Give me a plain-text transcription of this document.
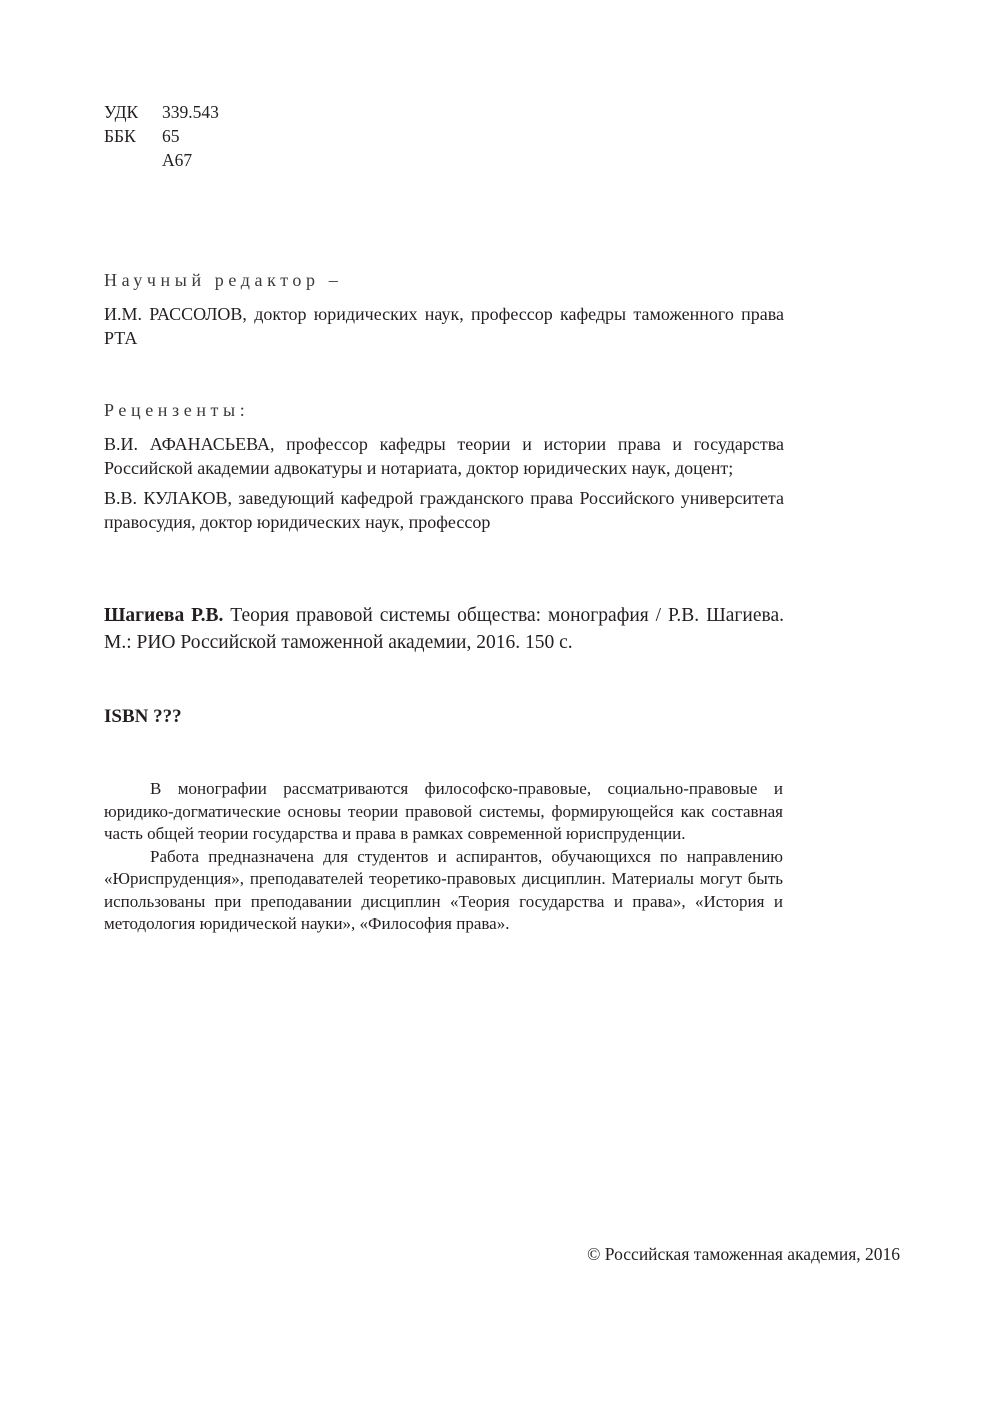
УДК	339.543
ББК	65
А67
Научный редактор –

И.М. РАССОЛОВ, доктор юридических наук, профессор кафедры таможенного права РТА

Рецензенты:

В.И. АФАНАСЬЕВА, профессор кафедры теории и истории права и государства Российской академии адвокатуры и нотариата, доктор юридических наук, доцент;

В.В. КУЛАКОВ, заведующий кафедрой гражданского права Российского университета правосудия, доктор юридических наук, профессор

Шагиева Р.В. Теория правовой системы общества: монография / Р.В. Шагиева. М.: РИО Российской таможенной академии, 2016. 150 с.

ISBN ???

В монографии рассматриваются философско-правовые, социально-правовые и юридико-догматические основы теории правовой системы, формирующейся как составная часть общей теории государства и права в рамках современной юриспруденции.

Работа предназначена для студентов и аспирантов, обучающихся по направлению «Юриспруденция», преподавателей теоретико-правовых дисциплин. Материалы могут быть использованы при преподавании дисциплин «Теория государства и права», «История и методология юридической науки», «Философия права».

© Российская таможенная академия, 2016
